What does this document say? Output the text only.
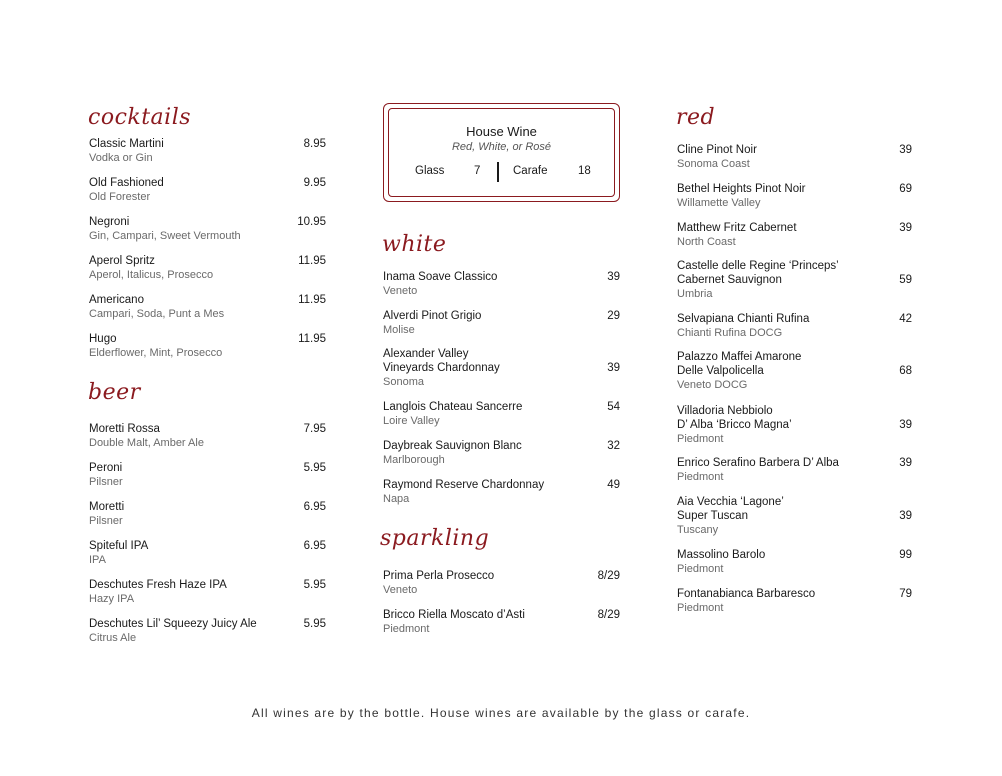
cocktails
Classic Martini
Vodka or Gin
8.95
Old Fashioned
Old Forester
9.95
Negroni
Gin, Campari, Sweet Vermouth
10.95
Aperol Spritz
Aperol, Italicus, Prosecco
11.95
Americano
Campari, Soda, Punt a Mes
11.95
Hugo
Elderflower, Mint, Prosecco
11.95
beer
Moretti Rossa
Double Malt, Amber Ale
7.95
Peroni
Pilsner
5.95
Moretti
Pilsner
6.95
Spiteful IPA
IPA
6.95
Deschutes Fresh Haze IPA
Hazy IPA
5.95
Deschutes Lil’ Squeezy Juicy Ale
Citrus Ale
5.95
House Wine
Red, White, or Rosé
Glass	7	Carafe	18
white
Inama Soave Classico
Veneto
39
Alverdi Pinot Grigio
Molise
29
Alexander Valley
Vineyards Chardonnay
Sonoma
39
Langlois Chateau Sancerre
Loire Valley
54
Daybreak Sauvignon Blanc
Marlborough
32
Raymond Reserve Chardonnay
Napa
49
sparkling
Prima Perla Prosecco
Veneto
8/29
Bricco Riella Moscato d’Asti
Piedmont
8/29
red
Cline Pinot Noir
Sonoma Coast
39
Bethel Heights Pinot Noir
Willamette Valley
69
Matthew Fritz Cabernet
North Coast
39
Castelle delle Regine ‘Princeps’
Cabernet Sauvignon
Umbria
59
Selvapiana Chianti Rufina
Chianti Rufina DOCG
42
Palazzo Maffei Amarone
Delle Valpolicella
Veneto DOCG
68
Villadoria Nebbiolo
D’ Alba ‘Bricco Magna’
Piedmont
39
Enrico Serafino Barbera D’ Alba
Piedmont
39
Aia Vecchia ‘Lagone’
Super Tuscan
Tuscany
39
Massolino Barolo
Piedmont
99
Fontanabianca Barbaresco
Piedmont
79
All wines are by the bottle. House wines are available by the glass or carafe.
